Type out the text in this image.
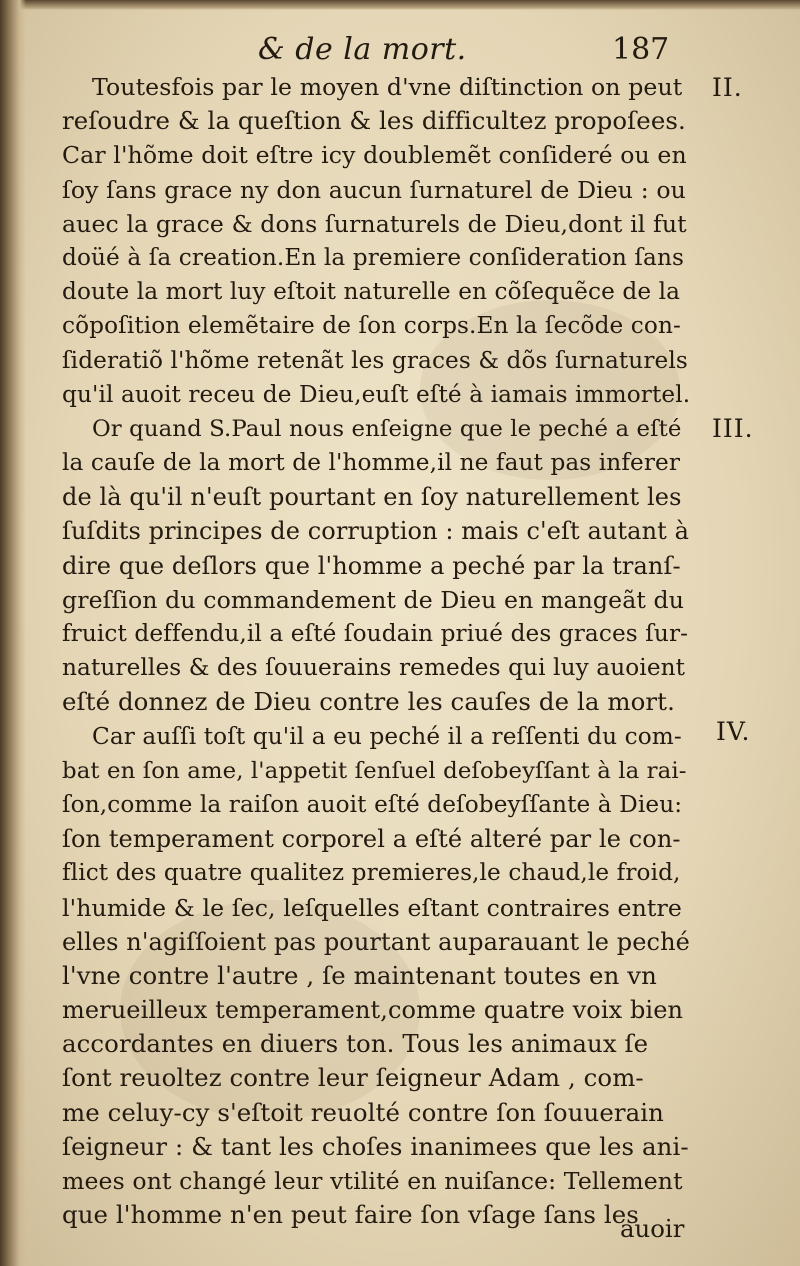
& de la mort.	187
Toutesfois par le moyen d'vne diſtinction on peut
reſoudre & la queſtion & les difficultez propoſees.
Car l'hõme doit eſtre icy doublemẽt conſideré ou en
ſoy ſans grace ny don aucun ſurnaturel de Dieu : ou
auec la grace & dons ſurnaturels de Dieu,dont il fut
doüé à ſa creation.En la premiere conſideration ſans
doute la mort luy eſtoit naturelle en cõſequẽce de la
cõpoſition elemẽtaire de ſon corps.En la ſecõde con-
ſideratiõ l'hõme retenãt les graces & dõs ſurnaturels
qu'il auoit receu de Dieu,euſt eſté à iamais immortel.
Or quand S.Paul nous enſeigne que le peché a eſté
la cauſe de la mort de l'homme,il ne faut pas inferer
de là qu'il n'euſt pourtant en ſoy naturellement les
ſuſdits principes de corruption : mais c'eſt autant à
dire que deſlors que l'homme a peché par la tranſ-
greſſion du commandement de Dieu en mangeãt du
fruict deffendu,il a eſté ſoudain priué des graces ſur-
naturelles & des ſouuerains remedes qui luy auoient
eſté donnez de Dieu contre les cauſes de la mort.
Car auſſi toſt qu'il a eu peché il a reſſenti du com-
bat en ſon ame, l'appetit ſenſuel deſobeyſſant à la rai-
ſon,comme la raiſon auoit eſté deſobeyſſante à Dieu:
ſon temperament corporel a eſté alteré par le con-
flict des quatre qualitez premieres,le chaud,le froid,
l'humide & le ſec, leſquelles eſtant contraires entre
elles n'agiſſoient pas pourtant auparauant le peché
l'vne contre l'autre , ſe maintenant toutes en vn
merueilleux temperament,comme quatre voix bien
accordantes en diuers ton. Tous les animaux ſe
ſont reuoltez contre leur ſeigneur Adam , com-
me celuy-cy s'eſtoit reuolté contre ſon ſouuerain
ſeigneur : & tant les choſes inanimees que les ani-
mees ont changé leur vtilité en nuiſance: Tellement
que l'homme n'en peut faire ſon vſage ſans les
II.
III.
IV.
auoir
